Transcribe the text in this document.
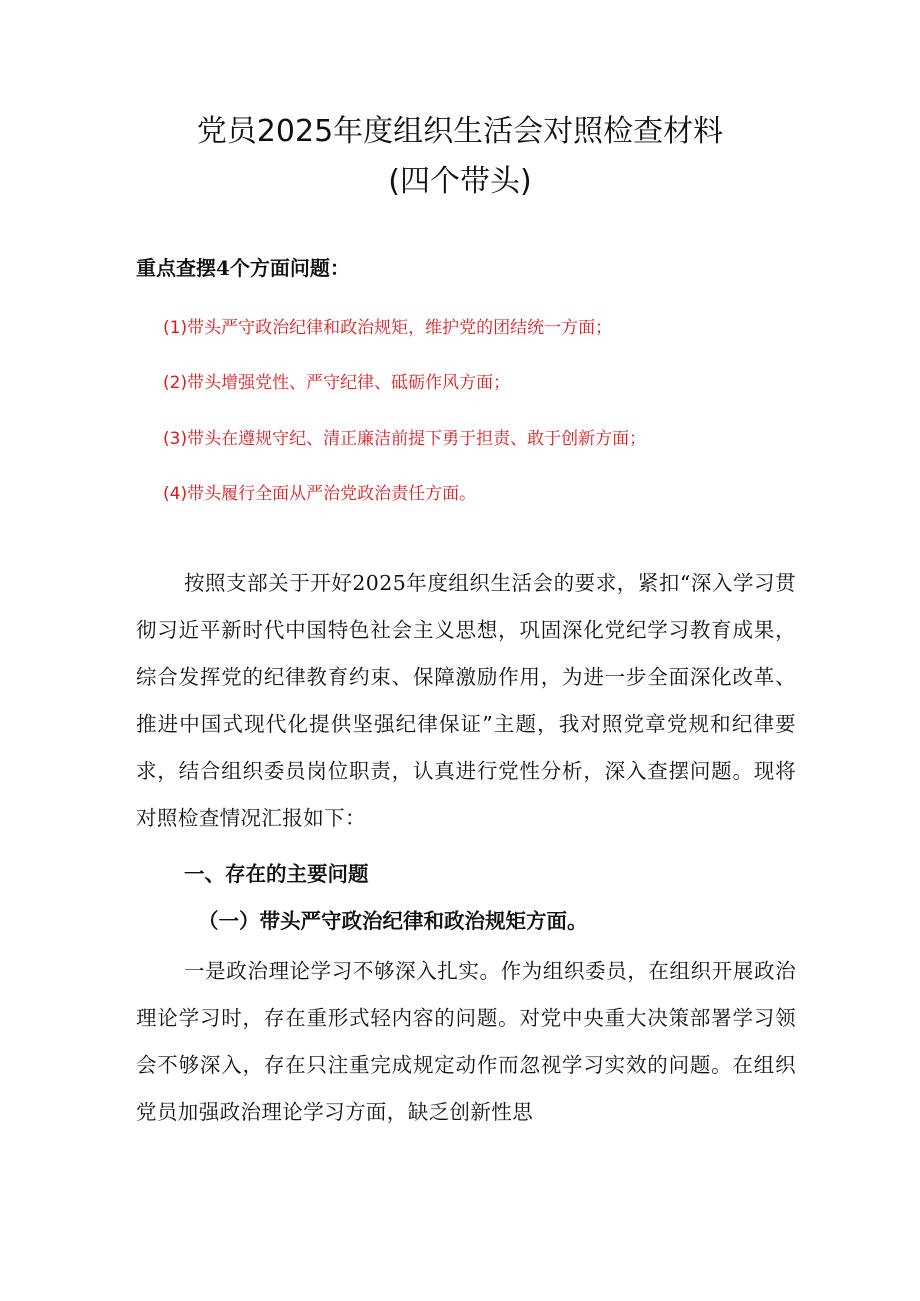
党员2025年度组织生活会对照检查材料
(四个带头)
重点查摆4个方面问题：
(1)带头严守政治纪律和政治规矩，维护党的团结统一方面；
(2)带头增强党性、严守纪律、砥砺作风方面；
(3)带头在遵规守纪、清正廉洁前提下勇于担责、敢于创新方面；
(4)带头履行全面从严治党政治责任方面。
按照支部关于开好2025年度组织生活会的要求，紧扣“深入学习贯彻习近平新时代中国特色社会主义思想，巩固深化党纪学习教育成果，综合发挥党的纪律教育约束、保障激励作用，为进一步全面深化改革、推进中国式现代化提供坚强纪律保证”主题，我对照党章党规和纪律要求，结合组织委员岗位职责，认真进行党性分析，深入查摆问题。现将对照检查情况汇报如下：
一、存在的主要问题
（一）带头严守政治纪律和政治规矩方面。
一是政治理论学习不够深入扎实。作为组织委员，在组织开展政治理论学习时，存在重形式轻内容的问题。对党中央重大决策部署学习领会不够深入，存在只注重完成规定动作而忽视学习实效的问题。在组织党员加强政治理论学习方面，缺乏创新性思
